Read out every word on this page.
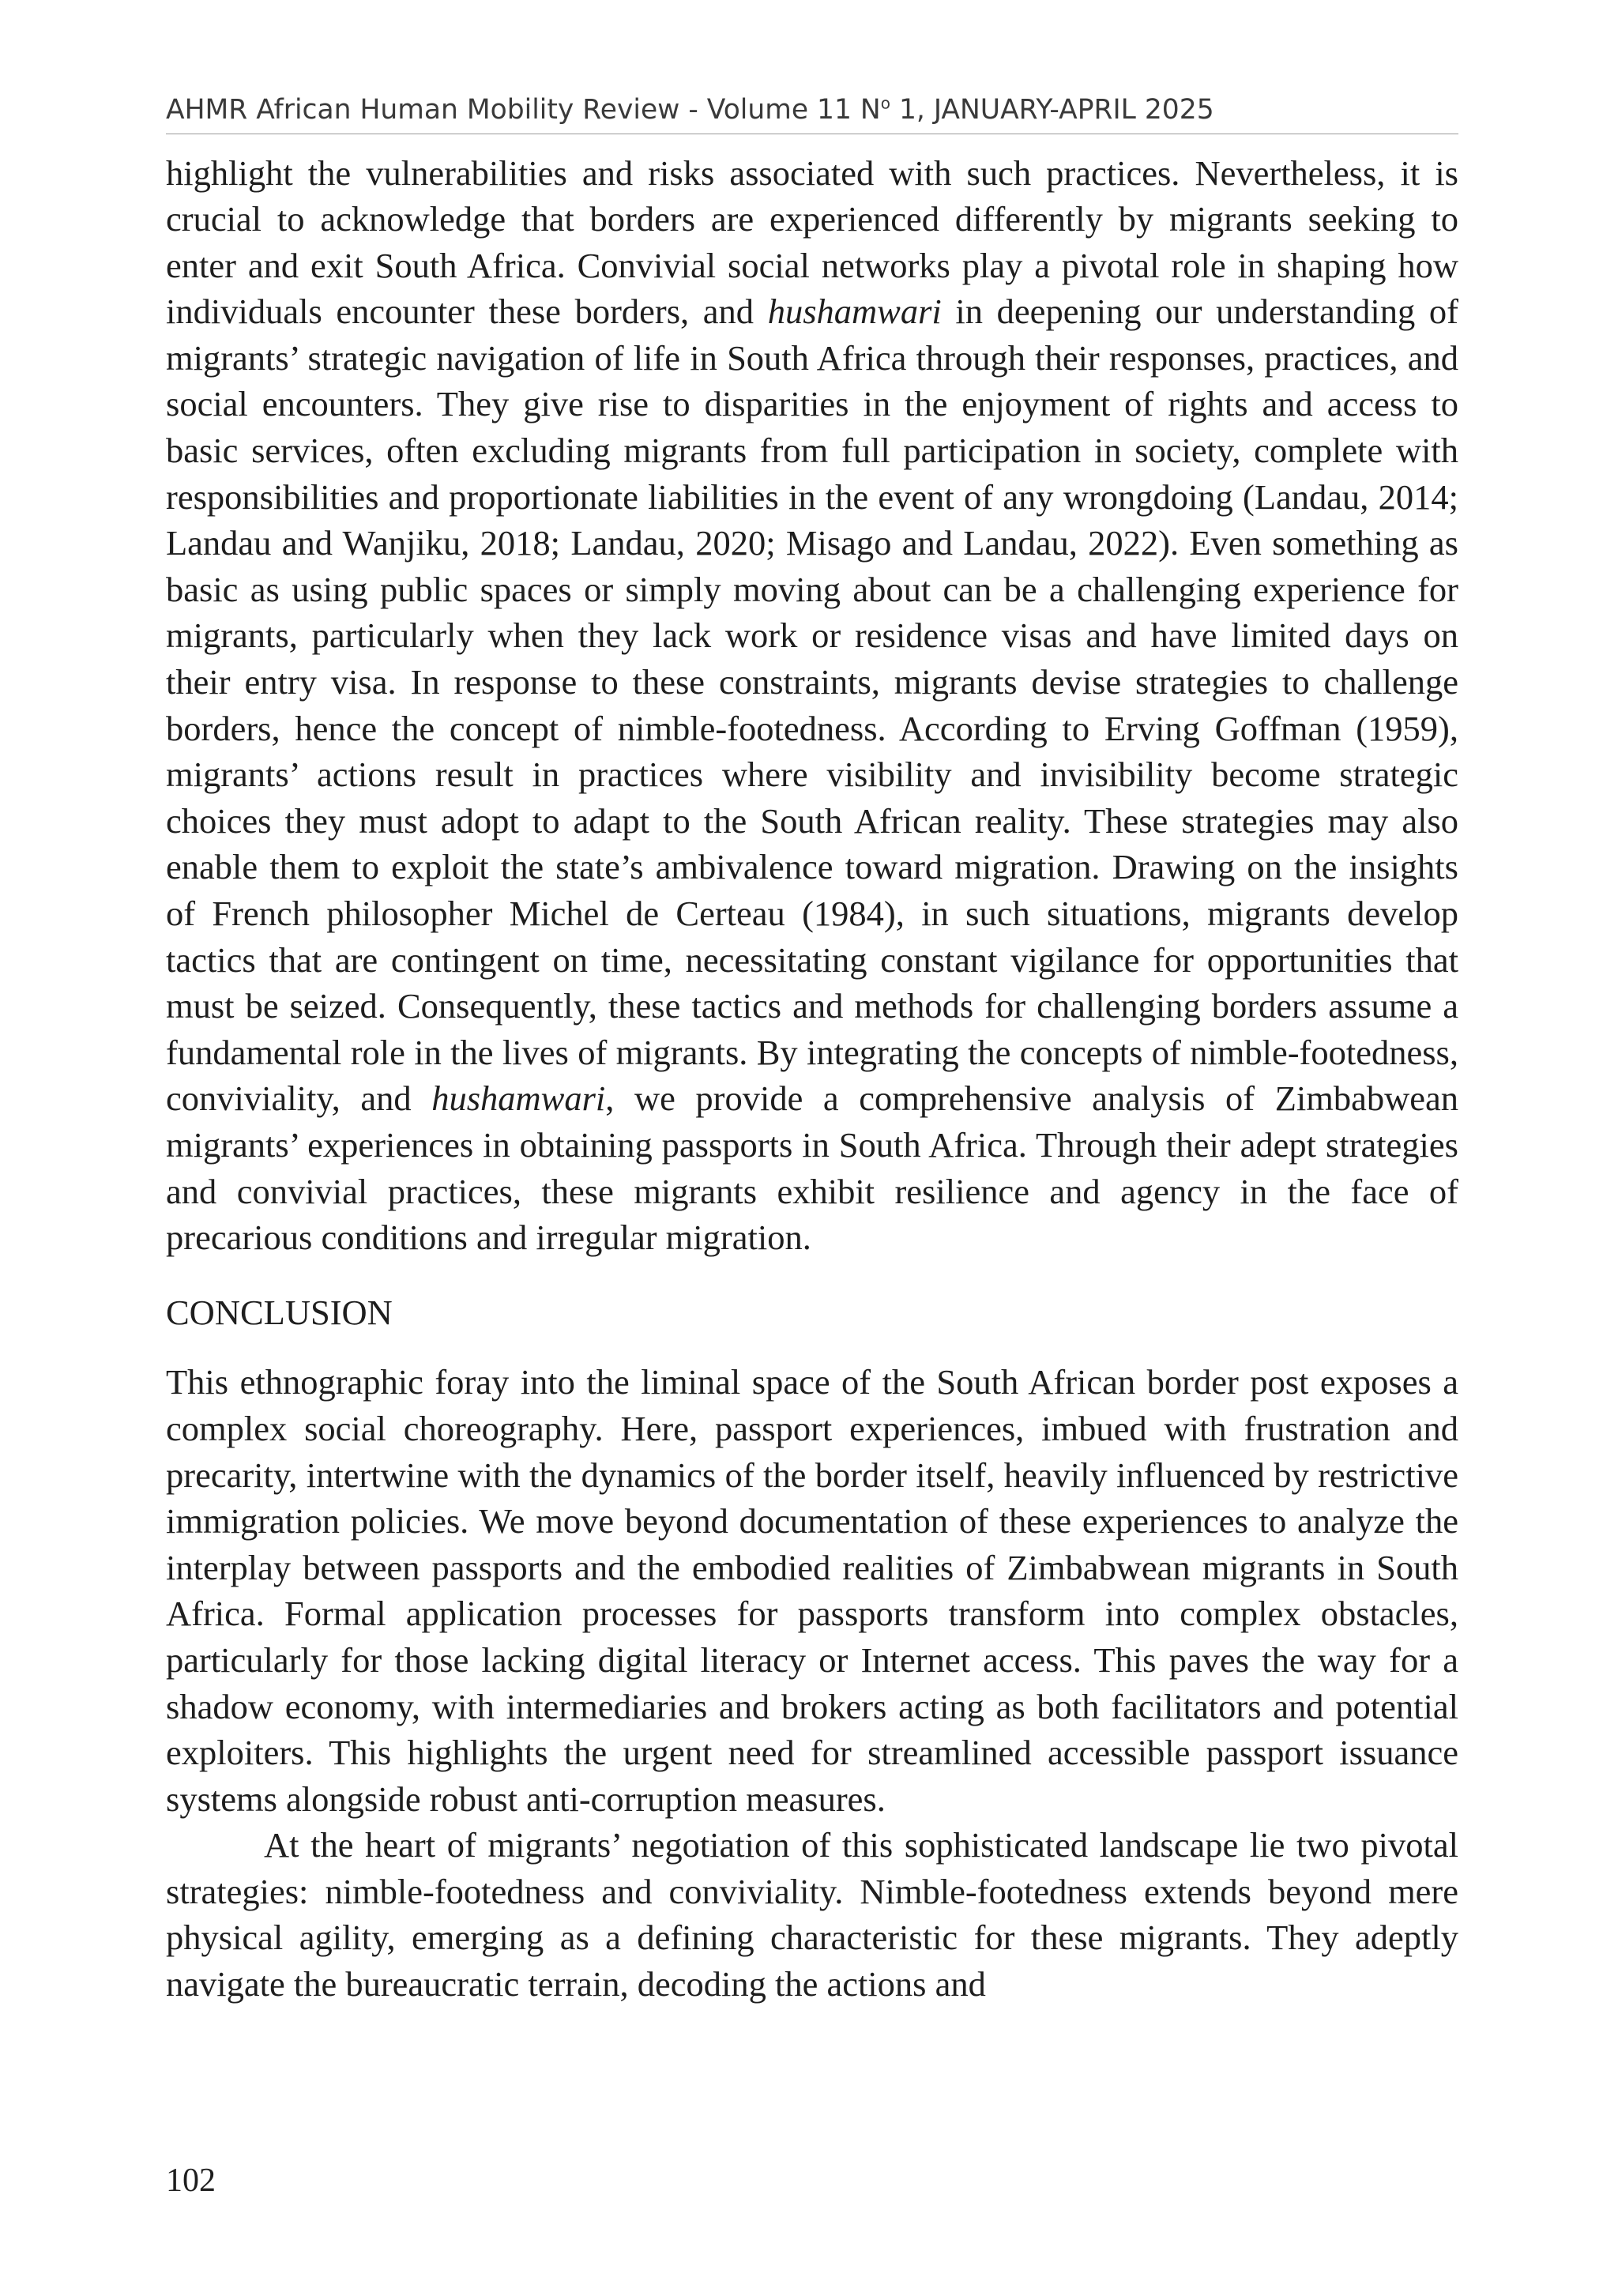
AHMR African Human Mobility Review - Volume 11 $N^o$ 1, JANUARY-APRIL 2025

highlight the vulnerabilities and risks associated with such practices. Nevertheless, it is crucial to acknowledge that borders are experienced differently by migrants seeking to enter and exit South Africa. Convivial social networks play a pivotal role in shaping how individuals encounter these borders, and hushamwari in deepening our understanding of migrants’ strategic navigation of life in South Africa through their responses, practices, and social encounters. They give rise to disparities in the enjoyment of rights and access to basic services, often excluding migrants from full participation in society, complete with responsibilities and proportionate liabilities in the event of any wrongdoing (Landau, 2014; Landau and Wanjiku, 2018; Landau, 2020; Misago and Landau, 2022). Even something as basic as using public spaces or simply moving about can be a challenging experience for migrants, particularly when they lack work or residence visas and have limited days on their entry visa. In response to these constraints, migrants devise strategies to challenge borders, hence the concept of nimble-footedness. According to Erving Goffman (1959), migrants’ actions result in practices where visibility and invisibility become strategic choices they must adopt to adapt to the South African reality. These strategies may also enable them to exploit the state’s ambivalence toward migration. Drawing on the insights of French philosopher Michel de Certeau (1984), in such situations, migrants develop tactics that are contingent on time, necessitating constant vigilance for opportunities that must be seized. Consequently, these tactics and methods for challenging borders assume a fundamental role in the lives of migrants. By integrating the concepts of nimble-footedness, conviviality, and hushamwari, we provide a comprehensive analysis of Zimbabwean migrants’ experiences in obtaining passports in South Africa. Through their adept strategies and convivial practices, these migrants exhibit resilience and agency in the face of precarious conditions and irregular migration.

CONCLUSION

This ethnographic foray into the liminal space of the South African border post exposes a complex social choreography. Here, passport experiences, imbued with frustration and precarity, intertwine with the dynamics of the border itself, heavily influenced by restrictive immigration policies. We move beyond documentation of these experiences to analyze the interplay between passports and the embodied realities of Zimbabwean migrants in South Africa. Formal application processes for passports transform into complex obstacles, particularly for those lacking digital literacy or Internet access. This paves the way for a shadow economy, with intermediaries and brokers acting as both facilitators and potential exploiters. This highlights the urgent need for streamlined accessible passport issuance systems alongside robust anti-corruption measures.

At the heart of migrants’ negotiation of this sophisticated landscape lie two pivotal strategies: nimble-footedness and conviviality. Nimble-footedness extends beyond mere physical agility, emerging as a defining characteristic for these migrants. They adeptly navigate the bureaucratic terrain, decoding the actions and

102
